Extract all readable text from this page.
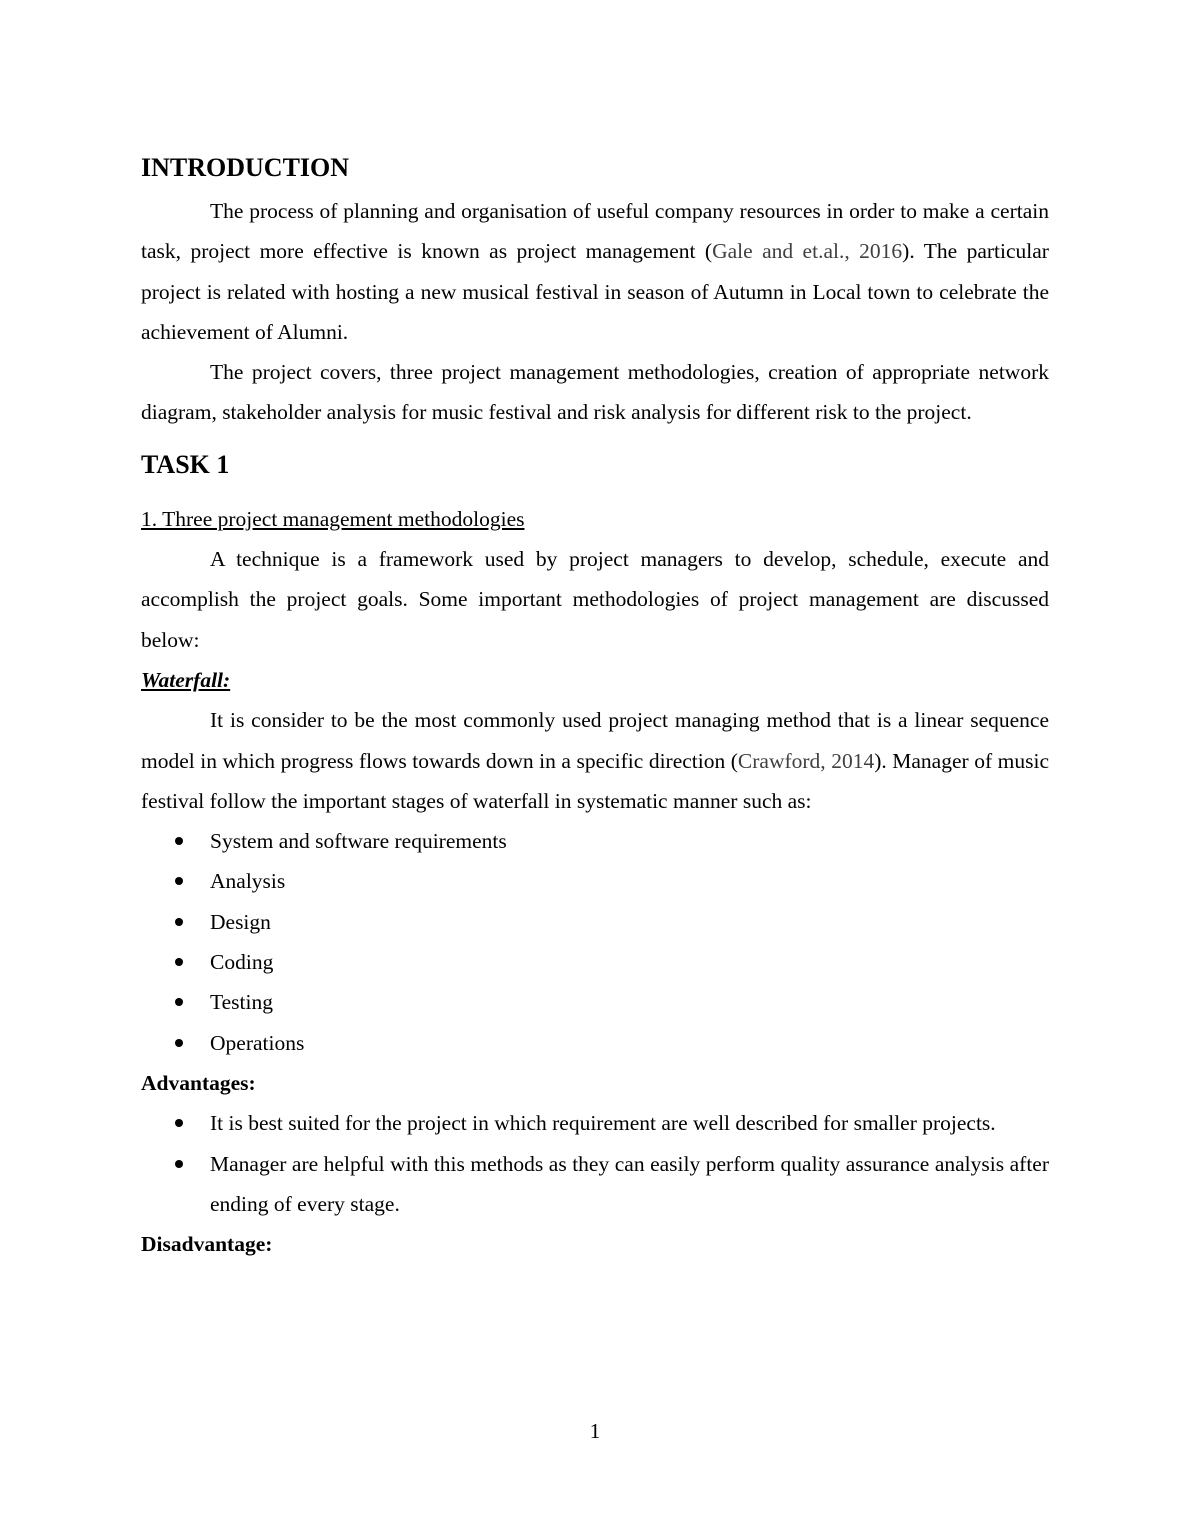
INTRODUCTION

The process of planning and organisation of useful company resources in order to make a certain task, project more effective is known as project management (Gale and et.al., 2016). The particular project is related with hosting a new musical festival in season of Autumn in Local town to celebrate the achievement of Alumni.

The project covers, three project management methodologies, creation of appropriate network diagram, stakeholder analysis for music festival and risk analysis for different risk to the project.

TASK 1
1. Three project management methodologies

A technique is a framework used by project managers to develop, schedule, execute and accomplish the project goals. Some important methodologies of project management are discussed below:

Waterfall:

It is consider to be the most commonly used project managing method that is a linear sequence model in which progress flows towards down in a specific direction (Crawford, 2014). Manager of music festival follow the important stages of waterfall in systematic manner such as:

System and software requirements
Analysis
Design
Coding
Testing
Operations
Advantages:
It is best suited for the project in which requirement are well described for smaller projects.
Manager are helpful with this methods as they can easily perform quality assurance analysis after ending of every stage.
Disadvantage:
1
